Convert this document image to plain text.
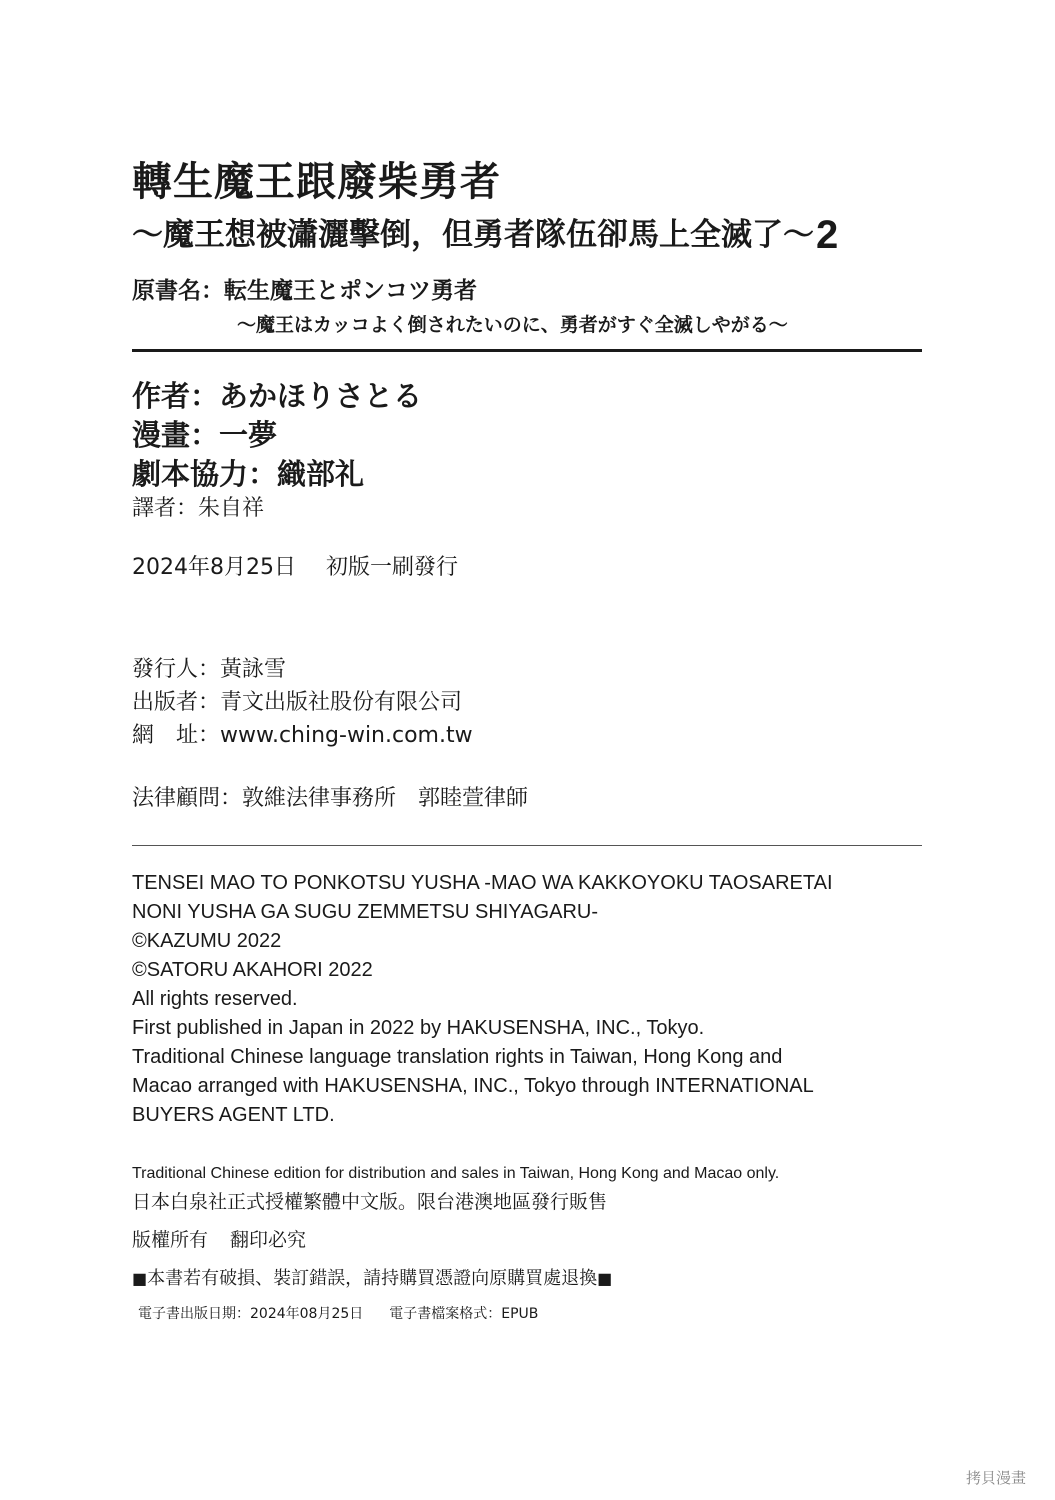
轉生魔王跟廢柴勇者
～魔王想被瀟灑擊倒，但勇者隊伍卻馬上全滅了～2
原書名：転生魔王とポンコツ勇者
～魔王はカッコよく倒されたいのに、勇者がすぐ全滅しやがる～
作者：あかほりさとる
漫畫：一夢
劇本協力：織部礼
譯者：朱自祥
2024年8月25日 初版一刷發行
發行人：黃詠雪
出版者：青文出版社股份有限公司
網　址：www.ching-win.com.tw
法律顧問：敦維法律事務所　郭睦萱律師
TENSEI MAO TO PONKOTSU YUSHA -MAO WA KAKKOYOKU TAOSARETAI
NONI YUSHA GA SUGU ZEMMETSU SHIYAGARU-
©KAZUMU 2022
©SATORU AKAHORI 2022
All rights reserved.
First published in Japan in 2022 by HAKUSENSHA, INC., Tokyo.
Traditional Chinese language translation rights in Taiwan, Hong Kong and
Macao arranged with HAKUSENSHA, INC., Tokyo through INTERNATIONAL
BUYERS AGENT LTD.
Traditional Chinese edition for distribution and sales in Taiwan, Hong Kong and Macao only.
日本白泉社正式授權繁體中文版。限台港澳地區發行販售
版權所有 翻印必究
■本書若有破損、裝訂錯誤，請持購買憑證向原購買處退換■
電子書出版日期：2024年08月25日 電子書檔案格式：EPUB
拷貝漫畫
